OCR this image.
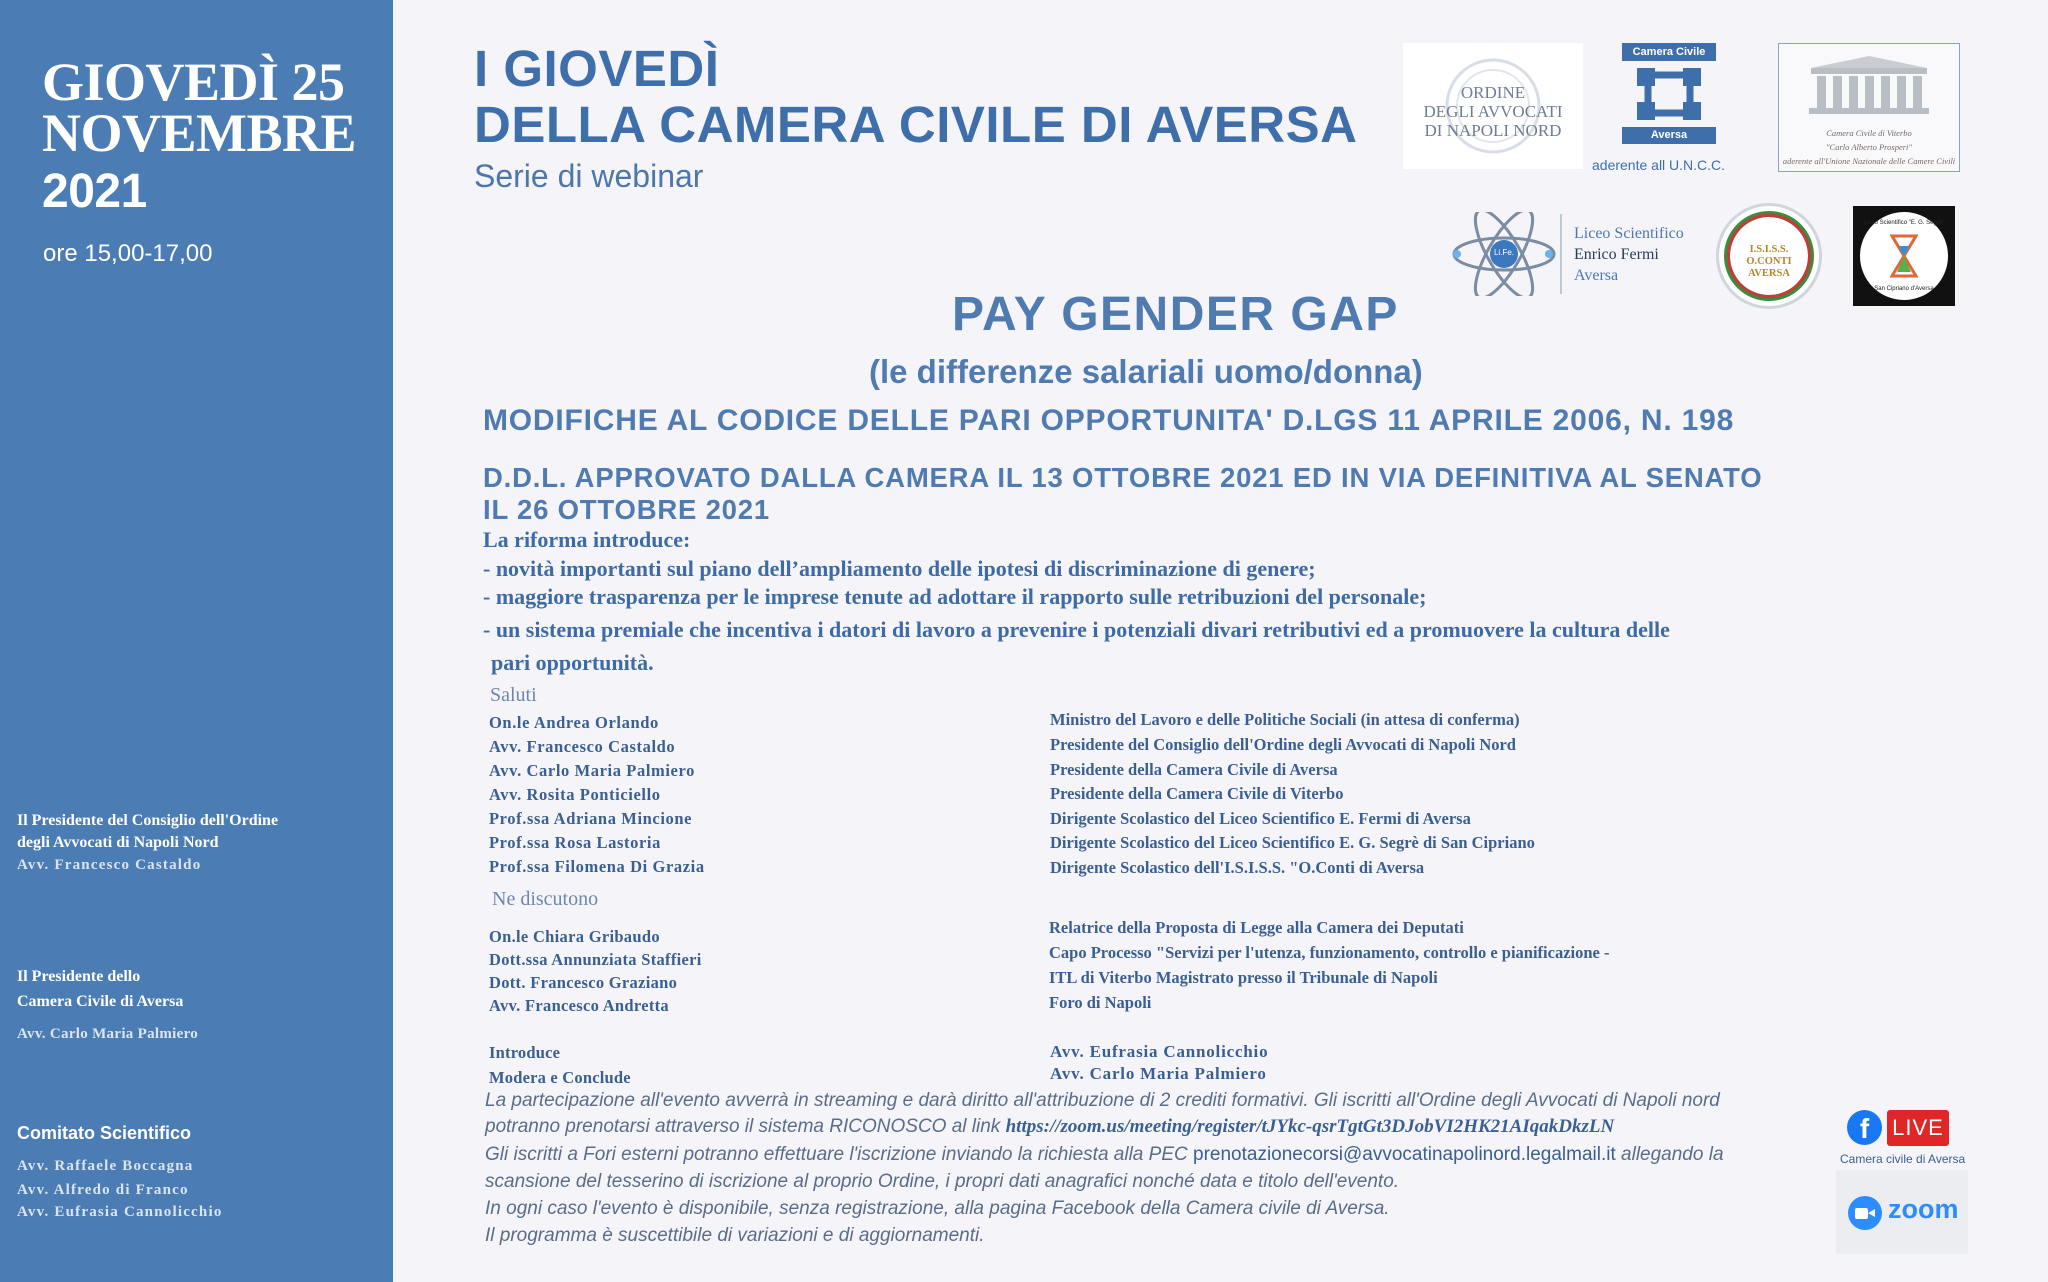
GIOVEDÌ 25
NOVEMBRE
2021
ore 15,00-17,00
Il Presidente del Consiglio dell'Ordine
degli Avvocati di Napoli Nord
Avv. Francesco Castaldo
Il Presidente dello
Camera Civile di Aversa
Avv. Carlo Maria Palmiero
Comitato Scientifico
Avv. Raffaele Boccagna
Avv. Alfredo di Franco
Avv. Eufrasia Cannolicchio
I GIOVEDÌ
DELLA CAMERA CIVILE DI AVERSA
Serie di webinar
ORDINE
DEGLI AVVOCATI
DI NAPOLI NORD
Camera Civile
Aversa
aderente all U.N.C.C.
Camera Civile di Viterbo
"Carlo Alberto Prosperi"
aderente all'Unione Nazionale delle Camere Civili
Li.Fe.
Liceo Scientifico
Enrico Fermi
Aversa
I.S.I.S.S. O.CONTI AVERSA
Liceo Scientifico "E. G. Segrè"
San Cipriano d'Aversa
PAY GENDER GAP
(le differenze salariali uomo/donna)
MODIFICHE AL CODICE DELLE PARI OPPORTUNITA' D.LGS 11 APRILE 2006, N. 198
D.D.L. APPROVATO DALLA CAMERA IL 13 OTTOBRE 2021 ED IN VIA DEFINITIVA AL SENATO
IL 26 OTTOBRE 2021
La riforma introduce:
- novità importanti sul piano dell’ampliamento delle ipotesi di discriminazione di genere;
- maggiore trasparenza per le imprese tenute ad adottare il rapporto sulle retribuzioni del personale;
- un sistema premiale che incentiva i datori di lavoro a prevenire i potenziali divari retributivi ed a promuovere la cultura delle
pari opportunità.
Saluti
On.le Andrea Orlando
Avv. Francesco Castaldo
Avv. Carlo Maria Palmiero
Avv. Rosita Ponticiello
Prof.ssa Adriana Mincione
Prof.ssa Rosa Lastoria
Prof.ssa Filomena Di Grazia
Ministro del Lavoro e delle Politiche Sociali (in attesa di conferma)
Presidente del Consiglio dell'Ordine degli Avvocati di Napoli Nord
Presidente della Camera Civile di Aversa
Presidente della Camera Civile di Viterbo
Dirigente Scolastico del Liceo Scientifico E. Fermi di Aversa
Dirigente Scolastico del Liceo Scientifico E. G. Segrè di San Cipriano
Dirigente Scolastico dell'I.S.I.S.S. "O.Conti di Aversa
Ne discutono
On.le Chiara Gribaudo
Dott.ssa Annunziata Staffieri
Dott. Francesco Graziano
Avv. Francesco Andretta
Relatrice della Proposta di Legge alla Camera dei Deputati
Capo Processo "Servizi per l'utenza, funzionamento, controllo e pianificazione -
ITL di Viterbo Magistrato presso il Tribunale di Napoli
Foro di Napoli
Introduce
Modera e Conclude
Avv. Eufrasia Cannolicchio
Avv. Carlo Maria Palmiero
La partecipazione all'evento avverrà in streaming e darà diritto all'attribuzione di 2 crediti formativi. Gli iscritti all'Ordine degli Avvocati di Napoli nord
potranno prenotarsi attraverso il sistema RICONOSCO al link https://zoom.us/meeting/register/tJYkc-qsrTgtGt3DJobVI2HK21AIqakDkzLN
Gli iscritti a Fori esterni potranno effettuare l'iscrizione inviando la richiesta alla PEC prenotazionecorsi@avvocatinapolinord.legalmail.it allegando la
scansione del tesserino di iscrizione al proprio Ordine, i propri dati anagrafici nonché data e titolo dell'evento.
In ogni caso l'evento è disponibile, senza registrazione, alla pagina Facebook della Camera civile di Aversa.
Il programma è suscettibile di variazioni e di aggiornamenti.
f	LIVE
Camera civile di Aversa
zoom
